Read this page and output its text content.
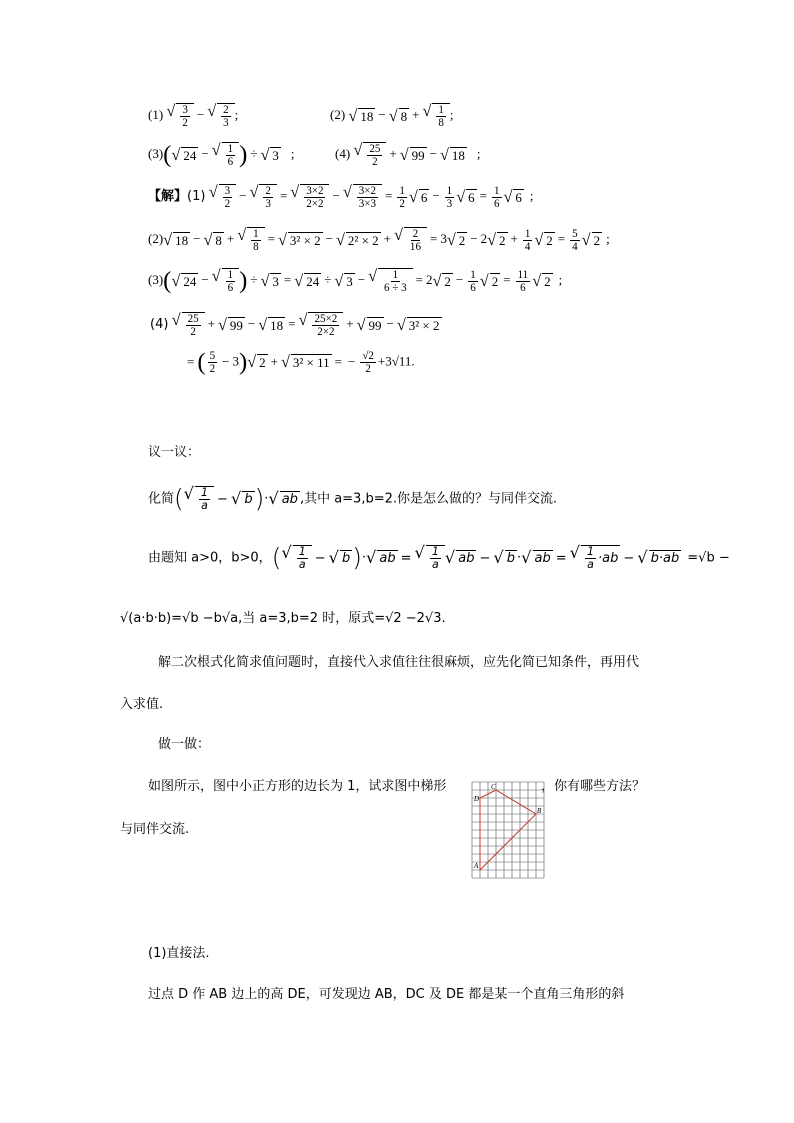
(1) √ $\frac{3}{2}$ − √ $\frac{2}{3}$ ;	(2) √ 18 − √ 8 + √ $\frac{1}{8}$ ;
(3)( √ 24 − √ $\frac{1}{6}$ ) ÷ √ 3 ;	(4) √ $\frac{25}{2}$ + √ 99 − √ 18 ;
【解】(1) √ $\frac{3}{2}$ − √ $\frac{2}{3}$ = √ $\frac{3\times 2}{2\times 2}$ − √ $\frac{3\times 2}{3\times 3} = \frac{1}{2}$ √ $6 - \frac{1}{3}$ √ $6 = \frac{1}{6}$ √ 6 ;
(2) √ 18 − √ 8 + √ $\frac{1}{8}$ = √ 3² × 2 − √ 2² × 2 + √ $\frac{2}{16} = 3$ √ 2 − 2 √ $2 + \frac{1}{4}$ √ $2 = \frac{5}{4}$ √ 2 ;
(3)( √ 24 − √ $\frac{1}{6}$ ) ÷ √ 3 = √ 24 ÷ √ 3 − √ $\frac{1}{6 \div 3} = 2$ √ $2 - \frac{1}{6}$ √ $2 = \frac{11}{6}$ √ 2 ;
(4) √ $\frac{25}{2}$ + √ 99 − √ 18 = √ $\frac{25\times 2}{2\times 2}$ + √ 99 − √ 3² × 2
= ( $\frac{5}{2} - 3$) √ 2 + √ 3² × 11 = − $\frac{√2}{2} +3√11$.
议一议：
化简( √ $\frac{1}{a}$ − √ b )· √ ab ,其中 a=3,b=2.你是怎么做的？与同伴交流.
由题知 a>0，b>0，( √ $\frac{1}{a}$ − √ b )· √ ab = √ $\frac{1}{a}$ √ ab − √ b · √ ab = √ $\frac{1}{a} \cdot ab$ − √ b·ab =√b −
√(a·b·b)=√b −b√a,当 a=3,b=2 时，原式=√2 −2√3.
解二次根式化简求值问题时，直接代入求值往往很麻烦，应先化简已知条件，再用代
入求值.
做一做：
如图所示，图中小正方形的边长为 1，试求图中梯形	，你有哪些方法？
与同伴交流.
C
D
B
A
(1)直接法.
过点 D 作 AB 边上的高 DE，可发现边 AB，DC 及 DE 都是某一个直角三角形的斜
